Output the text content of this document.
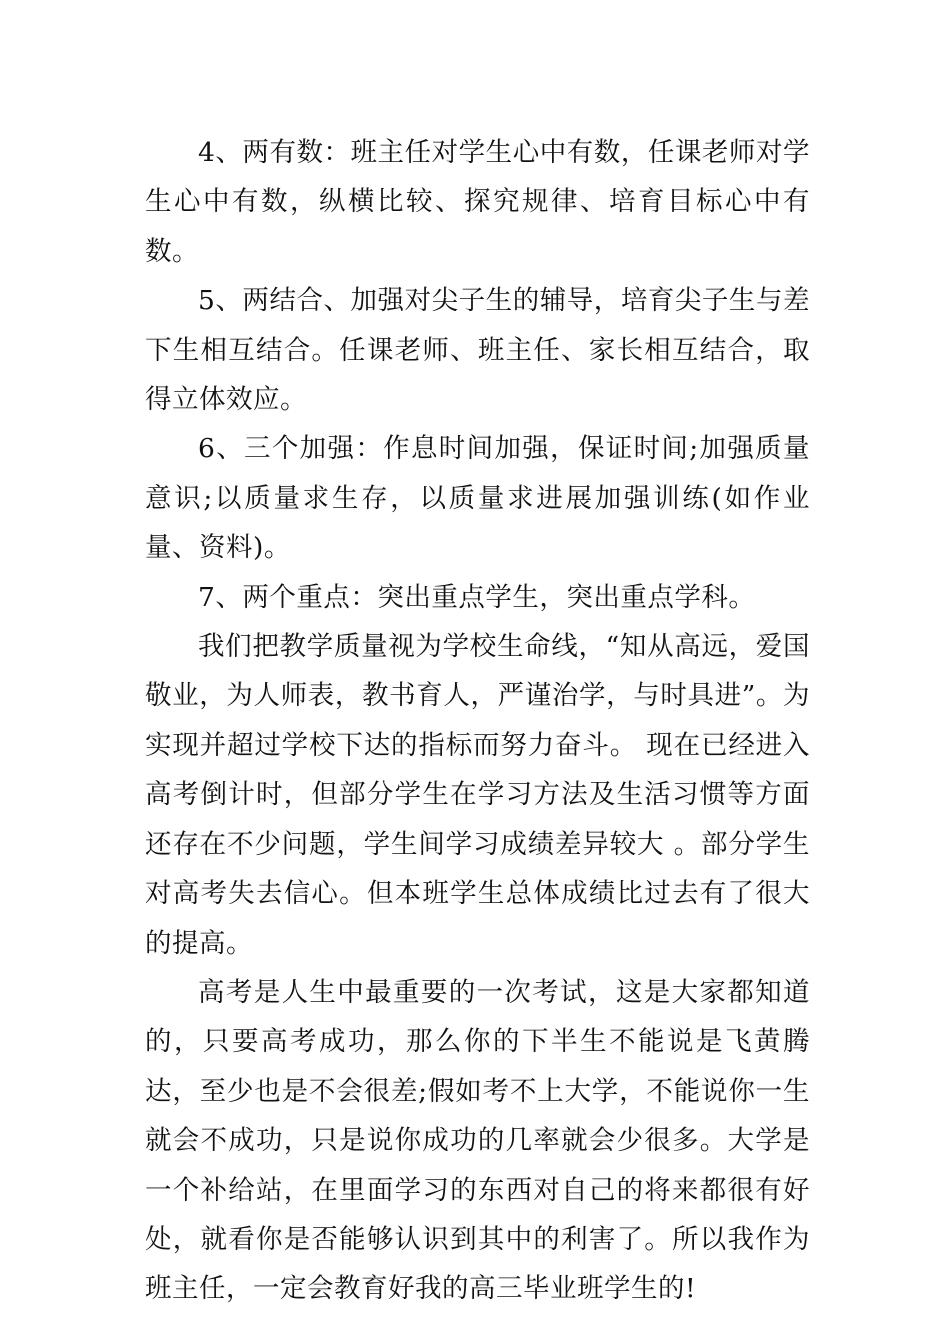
4、两有数：班主任对学生心中有数，任课老师对学生心中有数，纵横比较、探究规律、培育目标心中有数。

5、两结合、加强对尖子生的辅导，培育尖子生与差下生相互结合。任课老师、班主任、家长相互结合，取得立体效应。

6、三个加强：作息时间加强，保证时间;加强质量意识;以质量求生存，以质量求进展加强训练(如作业量、资料)。

7、两个重点：突出重点学生，突出重点学科。

我们把教学质量视为学校生命线，“知从高远，爱国敬业，为人师表，教书育人，严谨治学，与时具进”。为实现并超过学校下达的指标而努力奋斗。 现在已经进入高考倒计时，但部分学生在学习方法及生活习惯等方面还存在不少问题，学生间学习成绩差异较大 。部分学生对高考失去信心。但本班学生总体成绩比过去有了很大的提高。

高考是人生中最重要的一次考试，这是大家都知道的，只要高考成功，那么你的下半生不能说是飞黄腾达，至少也是不会很差;假如考不上大学，不能说你一生就会不成功，只是说你成功的几率就会少很多。大学是一个补给站，在里面学习的东西对自己的将来都很有好处，就看你是否能够认识到其中的利害了。所以我作为班主任，一定会教育好我的高三毕业班学生的!
